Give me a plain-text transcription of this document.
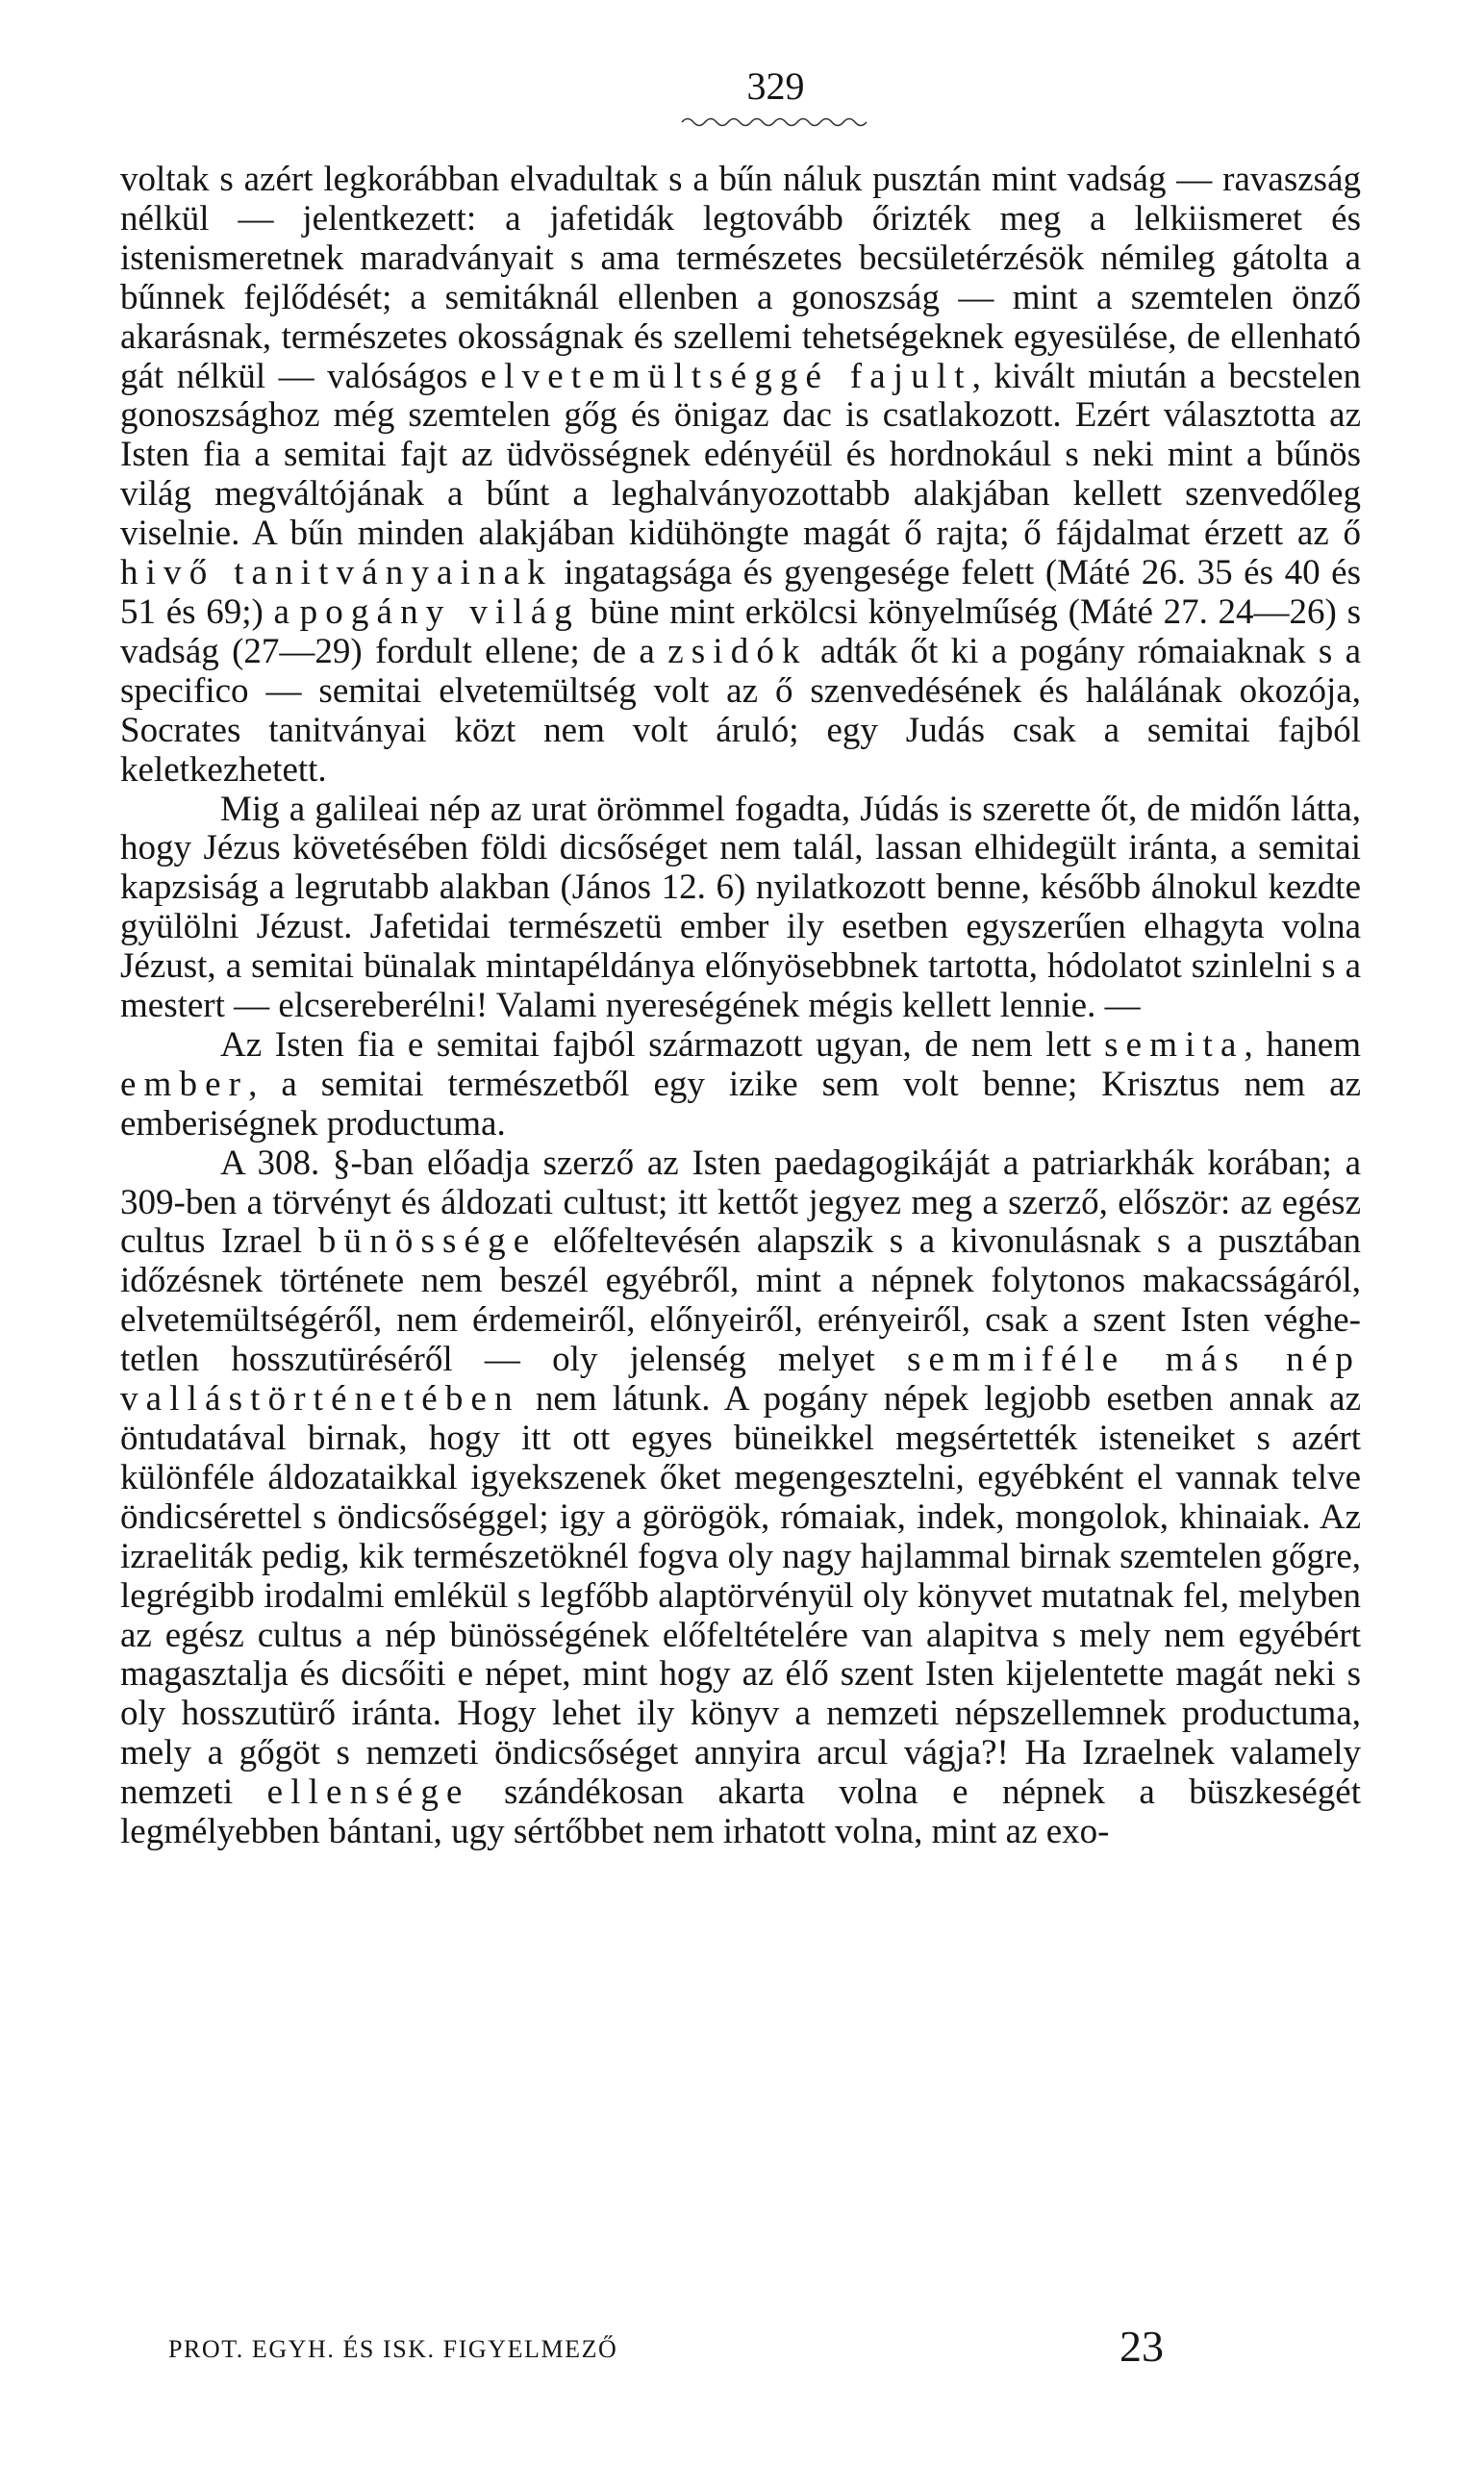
329

voltak s azért legkorábban elvadultak s a bűn náluk pusztán mint vadság — ravaszság nélkül — jelentkezett: a jafetidák legtovább őrizték meg a lelkiismeret és istenismeretnek maradványait s ama természetes becsületérzésök némileg gátolta a bűnnek fejlődését; a semitáknál ellenben a gonoszság — mint a szemtelen önző akarásnak, természetes okosságnak és szellemi tehetségeknek egyesülése, de ellenható gát nélkül — valóságos elvetemültséggé fajult, kivált miután a becstelen gonoszsághoz még szemtelen gőg és önigaz dac is csatlakozott. Ezért választotta az Isten fia a semitai fajt az üdvösségnek edényéül és hordnokául s neki mint a bűnös világ megváltójának a bűnt a leghalványozottabb alakjában kellett szenvedőleg viselnie. A bűn minden alakjában kidühöngte magát ő rajta; ő fájdalmat érzett az ő hivő tanitványainak ingatagsága és gyengesége felett (Máté 26. 35 és 40 és 51 és 69;) a pogány világ büne mint erkölcsi könyelműség (Máté 27. 24—26) s vadság (27—29) fordult ellene; de a zsidók adták őt ki a pogány rómaiaknak s a specifico — semitai elvetemültség volt az ő szenvedésének és halálának okozója, Socrates tanitványai közt nem volt áruló; egy Judás csak a semitai fajból keletkezhetett.

Mig a galileai nép az urat örömmel fogadta, Júdás is szerette őt, de midőn látta, hogy Jézus követésében földi dicsőséget nem talál, lassan elhidegült iránta, a semitai kapzsiság a legrutabb alakban (János 12. 6) nyilatkozott benne, később álnokul kezdte gyülölni Jézust. Jafetidai természetü ember ily esetben egyszerűen elhagyta volna Jézust, a semitai bünalak mintapéldánya előnyösebbnek tartotta, hódolatot szinlelni s a mestert — elcsereberélni! Valami nyereségének mégis kellett lennie. —

Az Isten fia e semitai fajból származott ugyan, de nem lett semita, hanem ember, a semitai természetből egy izike sem volt benne; Krisztus nem az emberiségnek productuma.

A 308. §-ban előadja szerző az Isten paedagogikáját a patriarkhák korában; a 309-ben a törvényt és áldozati cultust; itt kettőt jegyez meg a szerző, először: az egész cultus Izrael bünössége előfeltevésén alapszik s a kivonulásnak s a pusztában időzésnek története nem beszél egyébről, mint a népnek folytonos makacsságáról, elvetemültségéről, nem érdemeiről, előnyeiről, erényeiről, csak a szent Isten véghetetlen hosszutüréséről — oly jelenség melyet semmiféle más nép vallástörténetében nem látunk. A pogány népek legjobb esetben annak az öntudatával birnak, hogy itt ott egyes büneikkel megsértették isteneiket s azért különféle áldozataikkal igyekszenek őket megengesztelni, egyébként el vannak telve öndicsérettel s öndicsőséggel; igy a görögök, rómaiak, indek, mongolok, khinaiak. Az izraeliták pedig, kik természetöknél fogva oly nagy hajlammal birnak szemtelen gőgre, legrégibb irodalmi emlékül s legfőbb alaptörvényül oly könyvet mutatnak fel, melyben az egész cultus a nép bünösségének előfeltételére van alapitva s mely nem egyébért magasztalja és dicsőiti e népet, mint hogy az élő szent Isten kijelentette magát neki s oly hosszutürő iránta. Hogy lehet ily könyv a nemzeti népszellemnek productuma, mely a gőgöt s nemzeti öndicsőséget annyira arcul vágja?! Ha Izraelnek valamely nemzeti ellensége szándékosan akarta volna e népnek a büszkeségét legmélyebben bántani, ugy sértőbbet nem irhatott volna, mint az exo-

PROT. EGYH. ÉS ISK. FIGYELMEZŐ	23
